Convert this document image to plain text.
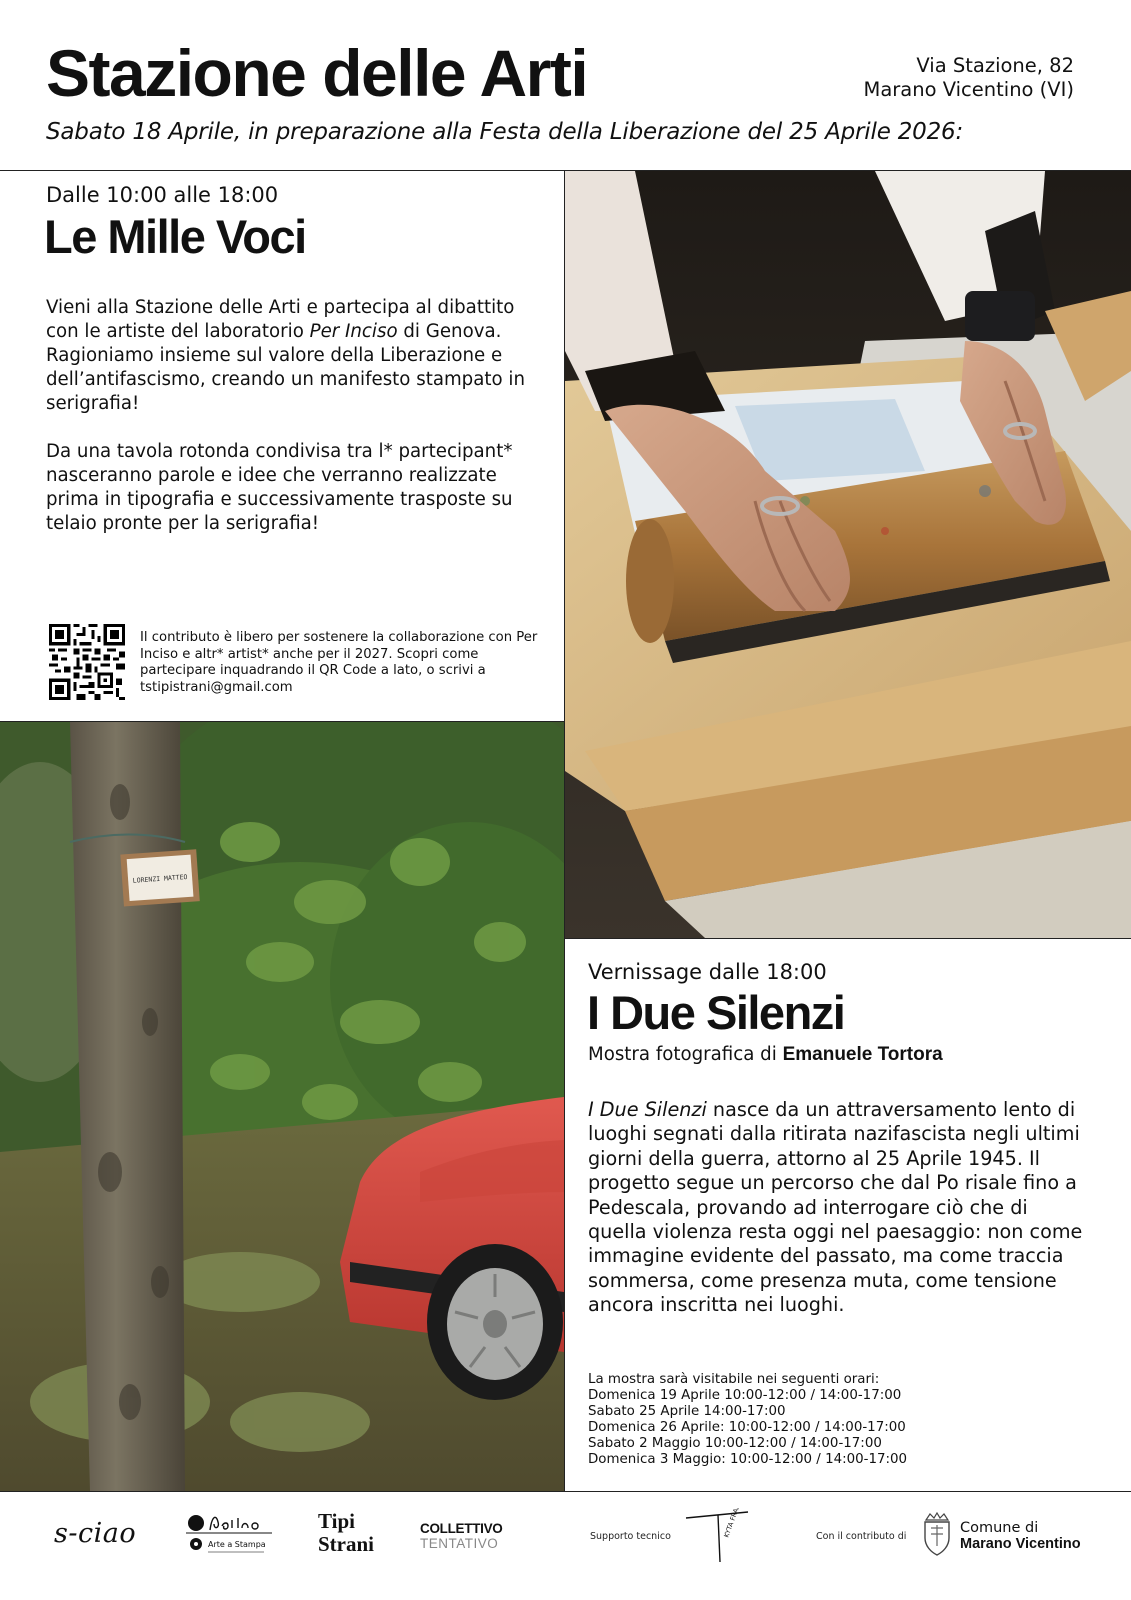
Stazione delle Arti	Via Stazione, 82
Marano Vicentino (VI)
Sabato 18 Aprile, in preparazione alla Festa della Liberazione del 25 Aprile 2026:
Dalle 10:00 alle 18:00
Le Mille Voci

Vieni alla Stazione delle Arti e partecipa al dibattito con le artiste del laboratorio Per Inciso di Genova.
Ragioniamo insieme sul valore della Liberazione e dell’antifascismo, creando un manifesto stampato in serigrafia!

Da una tavola rotonda condivisa tra l* partecipant* nasceranno parole e idee che verranno realizzate prima in tipografia e successivamente trasposte su telaio pronte per la serigrafia!

Il contributo è libero per sostenere la collaborazione con Per Inciso e altr* artist* anche per il 2027. Scopri come partecipare inquadrando il QR Code a lato, o scrivi a tstipistrani@gmail.com
LORENZI MATTEO
Vernissage dalle 18:00
I Due Silenzi
Mostra fotografica di Emanuele Tortora
I Due Silenzi nasce da un attraversamento lento di luoghi segnati dalla ritirata nazifascista negli ultimi giorni della guerra, attorno al 25 Aprile 1945. Il progetto segue un percorso che dal Po risale fino a Pedescala, provando ad interrogare ciò che di quella violenza resta oggi nel paesaggio: non come immagine evidente del passato, ma come traccia sommersa, come presenza muta, come tensione ancora inscritta nei luoghi.
La mostra sarà visitabile nei seguenti orari:
Domenica 19 Aprile 10:00-12:00 / 14:00-17:00
Sabato 25 Aprile 14:00-17:00
Domenica 26 Aprile: 10:00-12:00 / 14:00-17:00
Sabato 2 Maggio 10:00-12:00 / 14:00-17:00
Domenica 3 Maggio: 10:00-12:00 / 14:00-17:00
s-ciao	Arte a Stampa
Tipi
Strani
COLLETTIVO
TENTATIVO	Supporto tecnico	KYTA FRAME	Con il contributo di
Comune di
Marano Vicentino
